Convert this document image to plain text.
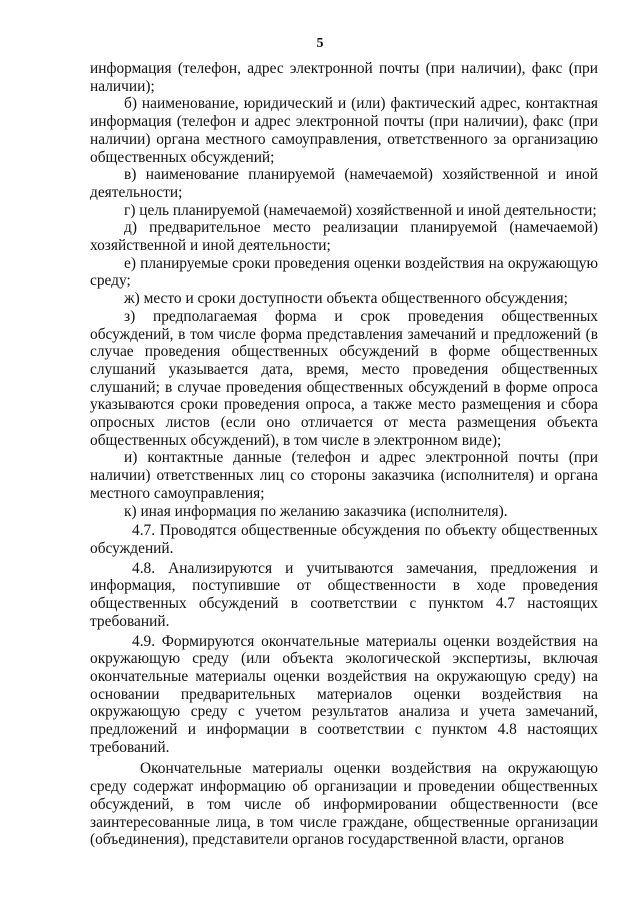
5

информация (телефон, адрес электронной почты (при наличии), факс (при наличии);

б) наименование, юридический и (или) фактический адрес, контактная информация (телефон и адрес электронной почты (при наличии), факс (при наличии) органа местного самоуправления, ответственного за организацию общественных обсуждений;

в) наименование планируемой (намечаемой) хозяйственной и иной деятельности;

г) цель планируемой (намечаемой) хозяйственной и иной деятельности;

д) предварительное место реализации планируемой (намечаемой) хозяйственной и иной деятельности;

е) планируемые сроки проведения оценки воздействия на окружающую среду;

ж) место и сроки доступности объекта общественного обсуждения;

з) предполагаемая форма и срок проведения общественных обсуждений, в том числе форма представления замечаний и предложений (в случае проведения общественных обсуждений в форме общественных слушаний указывается дата, время, место проведения общественных слушаний; в случае проведения общественных обсуждений в форме опроса указываются сроки проведения опроса, а также место размещения и сбора опросных листов (если оно отличается от места размещения объекта общественных обсуждений), в том числе в электронном виде);

и) контактные данные (телефон и адрес электронной почты (при наличии) ответственных лиц со стороны заказчика (исполнителя) и органа местного самоуправления;

к) иная информация по желанию заказчика (исполнителя).

4.7. Проводятся общественные обсуждения по объекту общественных обсуждений.

4.8. Анализируются и учитываются замечания, предложения и информация, поступившие от общественности в ходе проведения общественных обсуждений в соответствии с пунктом 4.7 настоящих требований.

4.9. Формируются окончательные материалы оценки воздействия на окружающую среду (или объекта экологической экспертизы, включая окончательные материалы оценки воздействия на окружающую среду) на основании предварительных материалов оценки воздействия на окружающую среду с учетом результатов анализа и учета замечаний, предложений и информации в соответствии с пунктом 4.8 настоящих требований.

Окончательные материалы оценки воздействия на окружающую среду содержат информацию об организации и проведении общественных обсуждений, в том числе об информировании общественности (все заинтересованные лица, в том числе граждане, общественные организации (объединения), представители органов государственной власти, органов
